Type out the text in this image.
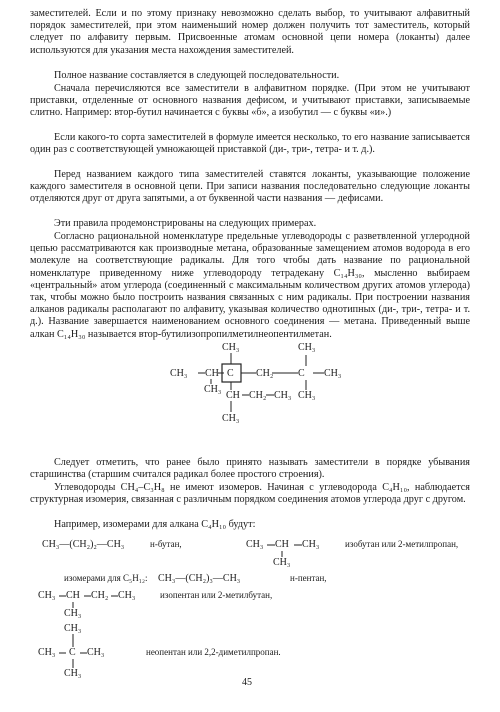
заместителей. Если и по этому признаку невозможно сделать выбор, то учитывают алфавитный порядок заместителей, при этом наименьший номер должен получить тот заместитель, который следует по алфавиту первым. Присвоенные атомам основной цепи номера (локанты) далее используются для указания места нахождения заместителей.

Полное название составляется в следующей последовательности.

Сначала перечисляются все заместители в алфавитном порядке. (При этом не учитывают приставки, отделенные от основного названия дефисом, и учитывают приставки, записываемые слитно. Например: втор-бутил начинается с буквы «б», а изобутил — с буквы «и».)

Если какого-то сорта заместителей в формуле имеется несколько, то его название записывается один раз с соответствующей умножающей приставкой (ди-, три-, тетра- и т. д.).

Перед названием каждого типа заместителей ставятся локанты, указывающие положение каждого заместителя в основной цепи. При записи названия последовательно следующие локанты отделяются друг от друга запятыми, а от буквенной части названия — дефисами.

Эти правила продемонстрированы на следующих примерах.

Согласно рациональной номенклатуре предельные углеводороды с разветвленной углеродной цепью рассматриваются как производные метана, образованные замещением атомов водорода в его молекуле на соответствующие радикалы. Для того чтобы дать название по рациональной номенклатуре приведенному ниже углеводороду тетрадекану C₁₄H₃₀, мысленно выбираем «центральный» атом углерода (соединенный с максимальным количеством других атомов углерода) так, чтобы можно было построить названия связанных с ним радикалы. При построении названия алканов радикалы располагают по алфавиту, указывая количество однотипных (ди-, три-, тетра- и т. д.). Название завершается наименованием основного соединения — метана. Приведенный выше алкан C₁₄H₃₀ называется втор-бутилизопропилметилнеопентилметан.

CH₃ CH
CH₃
CH₃
C CH₂ C
CH₃
CH₃
CH₃
CH CH₂ CH₃
CH₃

Следует отметить, что ранее было принято называть заместители в порядке убывания старшинства (старшим считался радикал более простого строения).

Углеводороды CH₄–C₃H₈ не имеют изомеров. Начиная с углеводорода C₄H₁₀, наблюдается структурная изомерия, связанная с различным порядком соединения атомов углерода друг с другом.

Например, изомерами для алкана C₄H₁₀ будут:

CH₃—(CH₂)₂—CH₃	н-бутан,	CH₃ CH CH₃
CH₃
изобутан или 2-метилпропан,
изомерами для C₅H₁₂: CH₃—(CH₂)₃—CH₃	н-пентан,
CH₃ CH CH₂ CH₃
CH₃
изопентан или 2-метилбутан,
CH₃
CH₃ C CH₃
CH₃
неопентан или 2,2-диметилпропан.
45
